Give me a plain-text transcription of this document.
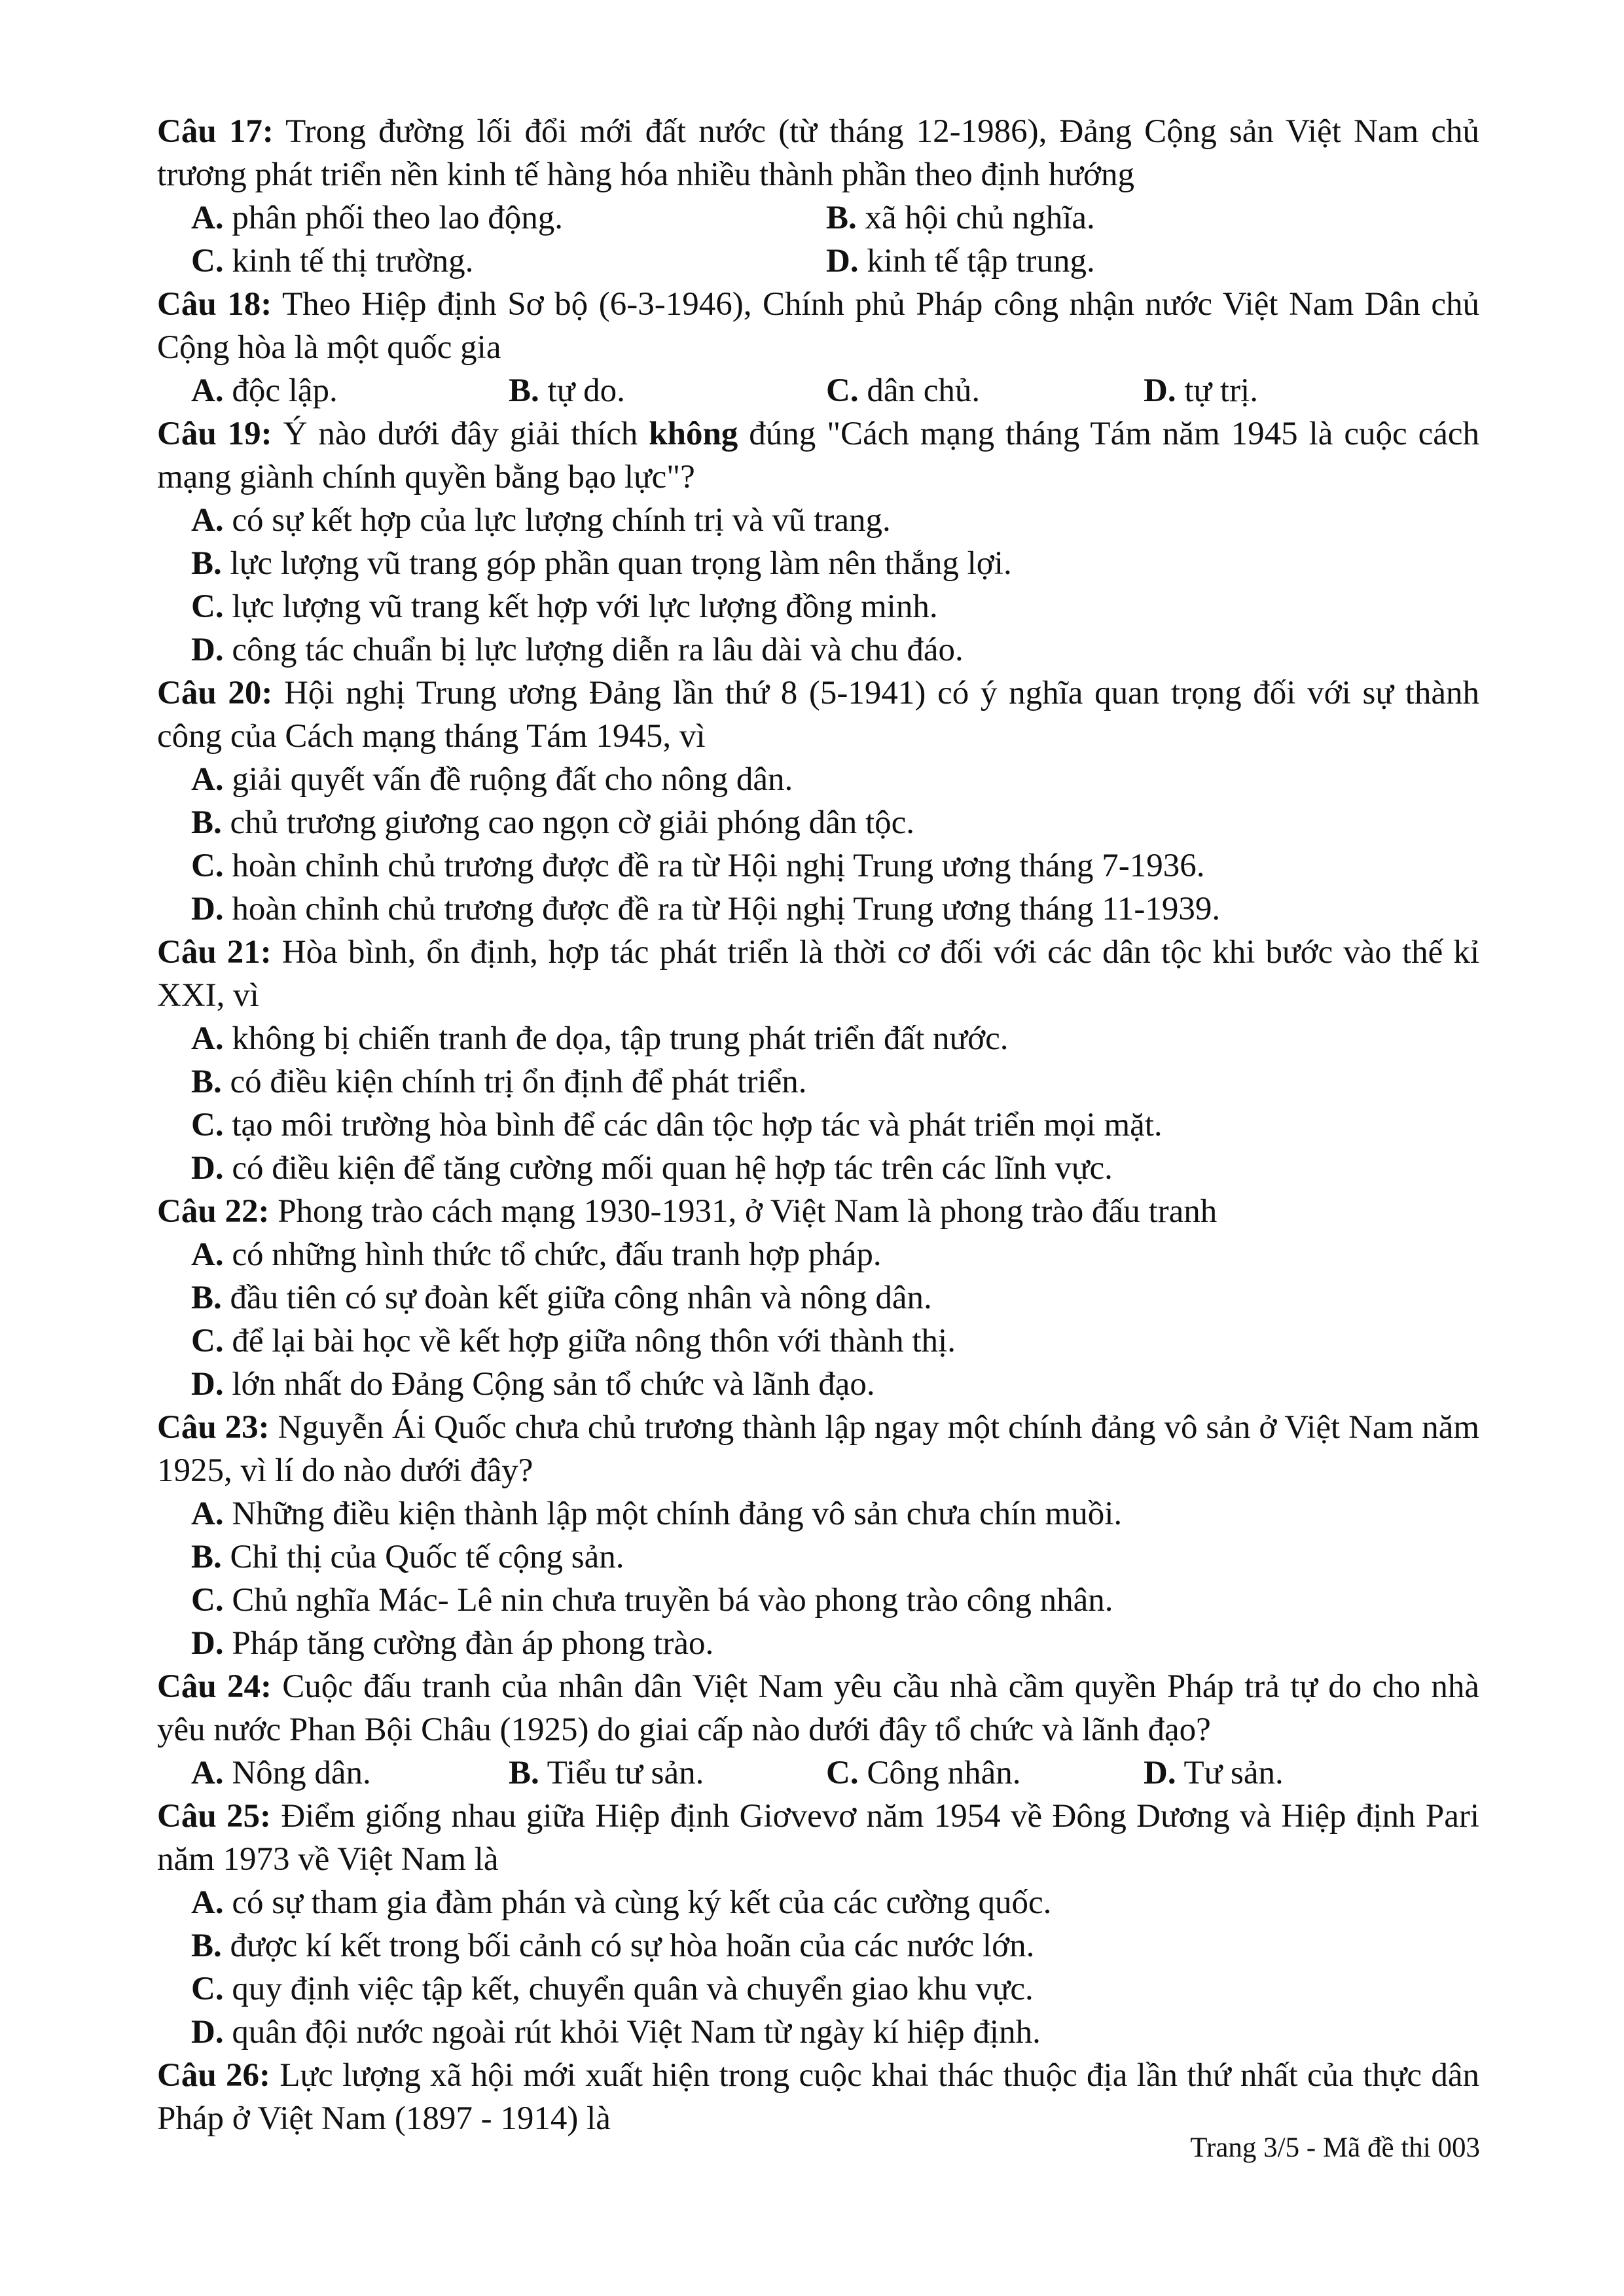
Câu 17: Trong đường lối đổi mới đất nước (từ tháng 12-1986), Đảng Cộng sản Việt Nam chủ trương phát triển nền kinh tế hàng hóa nhiều thành phần theo định hướng

A. phân phối theo lao động.	B. xã hội chủ nghĩa.
C. kinh tế thị trường.	D. kinh tế tập trung.

Câu 18: Theo Hiệp định Sơ bộ (6-3-1946), Chính phủ Pháp công nhận nước Việt Nam Dân chủ Cộng hòa là một quốc gia

A. độc lập.	B. tự do.	C. dân chủ.	D. tự trị.

Câu 19: Ý nào dưới đây giải thích không đúng "Cách mạng tháng Tám năm 1945 là cuộc cách mạng giành chính quyền bằng bạo lực"?

A. có sự kết hợp của lực lượng chính trị và vũ trang.
B. lực lượng vũ trang góp phần quan trọng làm nên thắng lợi.
C. lực lượng vũ trang kết hợp với lực lượng đồng minh.
D. công tác chuẩn bị lực lượng diễn ra lâu dài và chu đáo.

Câu 20: Hội nghị Trung ương Đảng lần thứ 8 (5-1941) có ý nghĩa quan trọng đối với sự thành công của Cách mạng tháng Tám 1945, vì

A. giải quyết vấn đề ruộng đất cho nông dân.
B. chủ trương giương cao ngọn cờ giải phóng dân tộc.
C. hoàn chỉnh chủ trương được đề ra từ Hội nghị Trung ương tháng 7-1936.
D. hoàn chỉnh chủ trương được đề ra từ Hội nghị Trung ương tháng 11-1939.

Câu 21: Hòa bình, ổn định, hợp tác phát triển là thời cơ đối với các dân tộc khi bước vào thế kỉ XXI, vì

A. không bị chiến tranh đe dọa, tập trung phát triển đất nước.
B. có điều kiện chính trị ổn định để phát triển.
C. tạo môi trường hòa bình để các dân tộc hợp tác và phát triển mọi mặt.
D. có điều kiện để tăng cường mối quan hệ hợp tác trên các lĩnh vực.

Câu 22: Phong trào cách mạng 1930-1931, ở Việt Nam là phong trào đấu tranh

A. có những hình thức tổ chức, đấu tranh hợp pháp.
B. đầu tiên có sự đoàn kết giữa công nhân và nông dân.
C. để lại bài học về kết hợp giữa nông thôn với thành thị.
D. lớn nhất do Đảng Cộng sản tổ chức và lãnh đạo.

Câu 23: Nguyễn Ái Quốc chưa chủ trương thành lập ngay một chính đảng vô sản ở Việt Nam năm 1925, vì lí do nào dưới đây?

A. Những điều kiện thành lập một chính đảng vô sản chưa chín muồi.
B. Chỉ thị của Quốc tế cộng sản.
C. Chủ nghĩa Mác- Lê nin chưa truyền bá vào phong trào công nhân.
D. Pháp tăng cường đàn áp phong trào.

Câu 24: Cuộc đấu tranh của nhân dân Việt Nam yêu cầu nhà cầm quyền Pháp trả tự do cho nhà yêu nước Phan Bội Châu (1925) do giai cấp nào dưới đây tổ chức và lãnh đạo?

A. Nông dân.	B. Tiểu tư sản.	C. Công nhân.	D. Tư sản.

Câu 25: Điểm giống nhau giữa Hiệp định Giơvevơ năm 1954 về Đông Dương và Hiệp định Pari năm 1973 về Việt Nam là

A. có sự tham gia đàm phán và cùng ký kết của các cường quốc.
B. được kí kết trong bối cảnh có sự hòa hoãn của các nước lớn.
C. quy định việc tập kết, chuyển quân và chuyển giao khu vực.
D. quân đội nước ngoài rút khỏi Việt Nam từ ngày kí hiệp định.

Câu 26: Lực lượng xã hội mới xuất hiện trong cuộc khai thác thuộc địa lần thứ nhất của thực dân Pháp ở Việt Nam (1897 - 1914) là

Trang 3/5 - Mã đề thi 003
